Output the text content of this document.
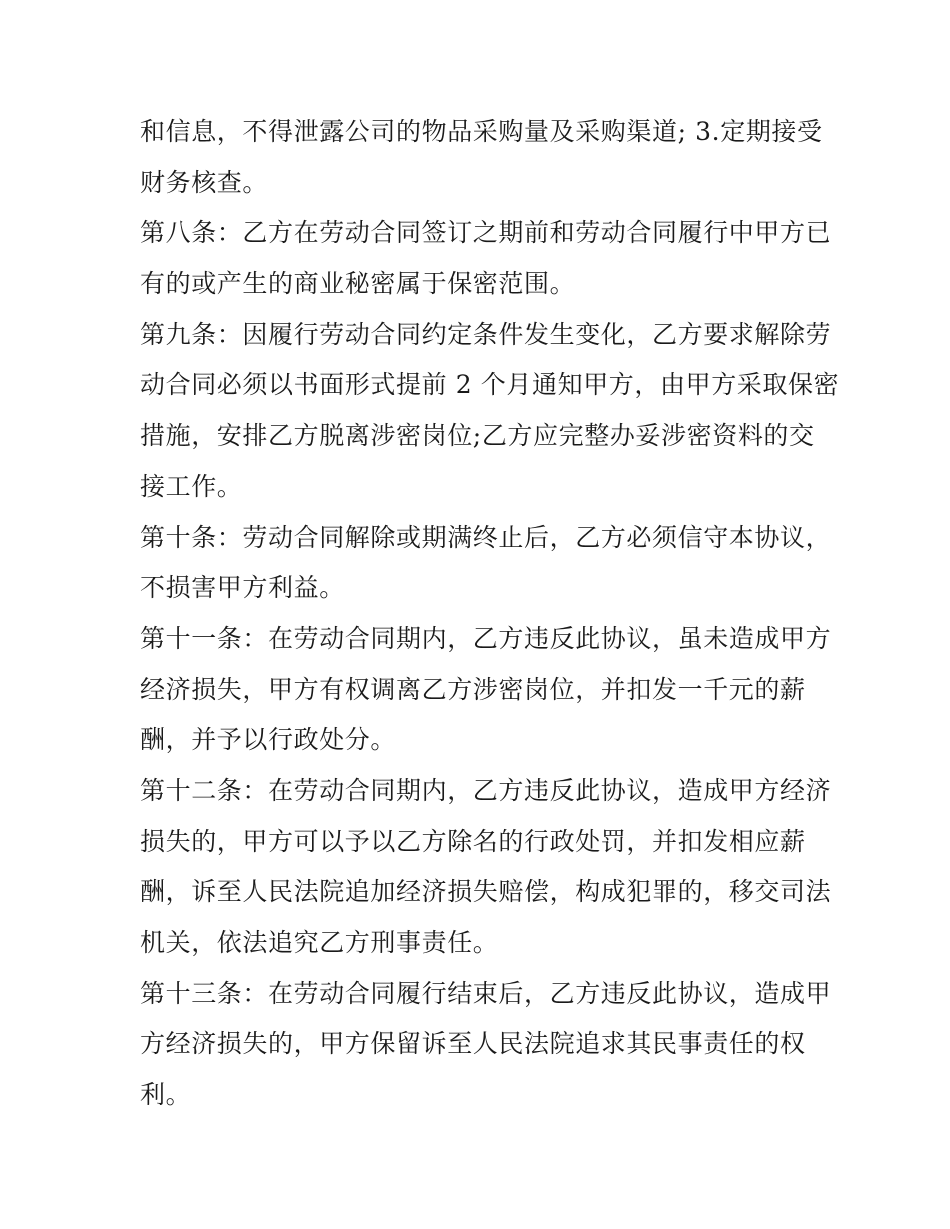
和信息，不得泄露公司的物品采购量及采购渠道; 3.定期接受
财务核查。
第八条：乙方在劳动合同签订之期前和劳动合同履行中甲方已
有的或产生的商业秘密属于保密范围。
第九条：因履行劳动合同约定条件发生变化，乙方要求解除劳
动合同必须以书面形式提前 2 个月通知甲方，由甲方采取保密
措施，安排乙方脱离涉密岗位;乙方应完整办妥涉密资料的交
接工作。
第十条：劳动合同解除或期满终止后，乙方必须信守本协议，
不损害甲方利益。
第十一条：在劳动合同期内，乙方违反此协议，虽未造成甲方
经济损失，甲方有权调离乙方涉密岗位，并扣发一千元的薪
酬，并予以行政处分。
第十二条：在劳动合同期内，乙方违反此协议，造成甲方经济
损失的，甲方可以予以乙方除名的行政处罚，并扣发相应薪
酬，诉至人民法院追加经济损失赔偿，构成犯罪的，移交司法
机关，依法追究乙方刑事责任。
第十三条：在劳动合同履行结束后，乙方违反此协议，造成甲
方经济损失的，甲方保留诉至人民法院追求其民事责任的权
利。
